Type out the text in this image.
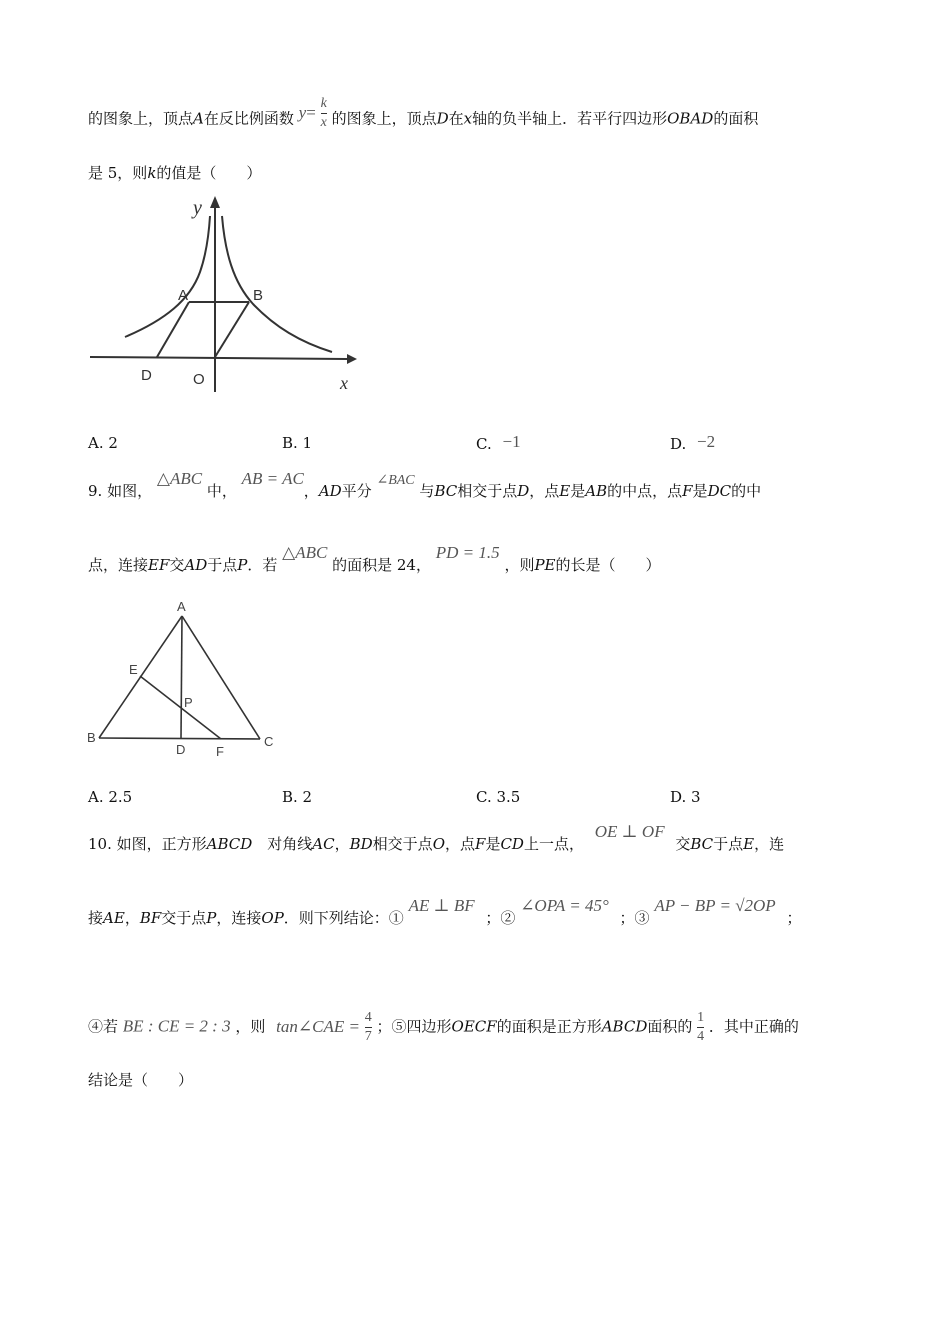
的图象上，顶点A在反比例函数 $y= \frac{k}{x}$ 的图象上，顶点D在x轴的负半轴上．若平行四边形OBAD的面积
是 5，则k的值是（　　）
y
x
A	B
D	O
A. 2	B. 1	C. −1	D. −2
9. 如图， △ABC 中， AB = AC，AD平分 ∠BAC 与BC相交于点D，点E是AB的中点，点F是DC的中
点，连接EF交AD于点P．若 △ABC 的面积是 24， PD = 1.5 ，则PE的长是（　　）
A
E
P
B
D F
C
A. 2.5	B. 2	C. 3.5	D. 3
10. 如图，正方形ABCD　对角线AC，BD相交于点O，点F是CD上一点， OE ⊥ OF 交BC于点E，连
接AE，BF交于点P，连接OP．则下列结论：① AE ⊥ BF ；② ∠OPA = 45° ；③ AP − BP = √2OP ；
④若 BE : CE = 2 : 3 ，则 tan∠CAE = $\frac{4}{7}$ ；⑤四边形OECF的面积是正方形ABCD面积的 $\frac{1}{4}$ ．其中正确的
结论是（　　）
